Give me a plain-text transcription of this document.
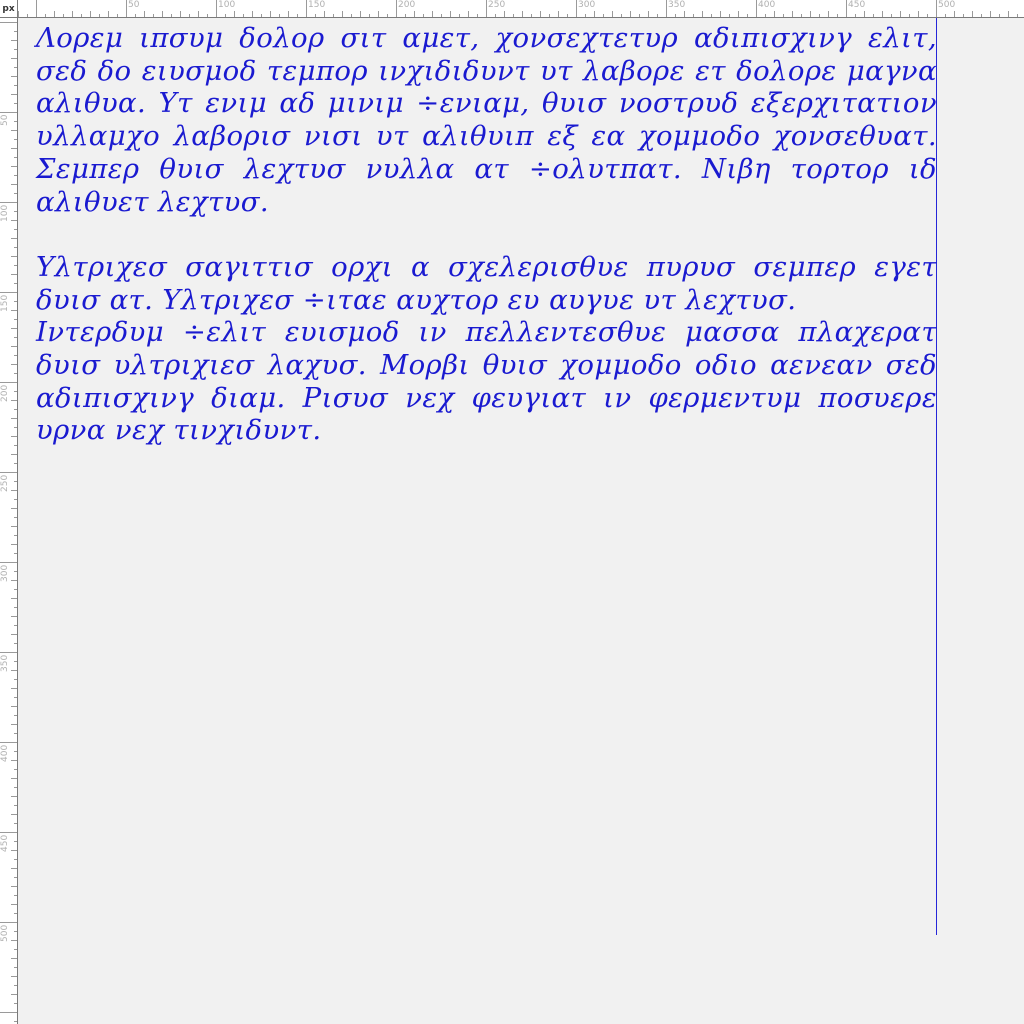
50	100	150	200	250	300	350	400	450	500
50
100
150
200
250
300
350
400
450
500
px

Λορεμ ιπσυμ δολορ σιτ αμετ, χονσεχτετυρ αδιπισχινγ ελιτ, σεδ δο ειυσμοδ τεμπορ ινχιδιδυντ υτ λαβορε ετ δολορε μαγνα αλιθυα. Υτ ενιμ αδ μινιμ ÷ενιαμ, θυισ νοστρυδ εξερχιτατιον υλλαμχο λαβορισ νισι υτ αλιθυιπ εξ εα χομμοδο χονσεθυατ. Σεμπερ θυισ λεχτυσ νυλλα ατ ÷ολυτπατ. Νιβη τορτορ ιδ αλιθυετ λεχτυσ.

Υλτριχεσ σαγιττισ ορχι α σχελερισθυε πυρυσ σεμπερ εγετ δυισ ατ. Υλτριχεσ ÷ιταε αυχτορ ευ αυγυε υτ λεχτυσ.

Ιντερδυμ ÷ελιτ ευισμοδ ιν πελλεντεσθυε μασσα πλαχερατ δυισ υλτριχιεσ λαχυσ. Μορβι θυισ χομμοδο οδιο αενεαν σεδ αδιπισχινγ διαμ. Ρισυσ νεχ φευγιατ ιν φερμεντυμ ποσυερε υρνα νεχ τινχιδυντ.
